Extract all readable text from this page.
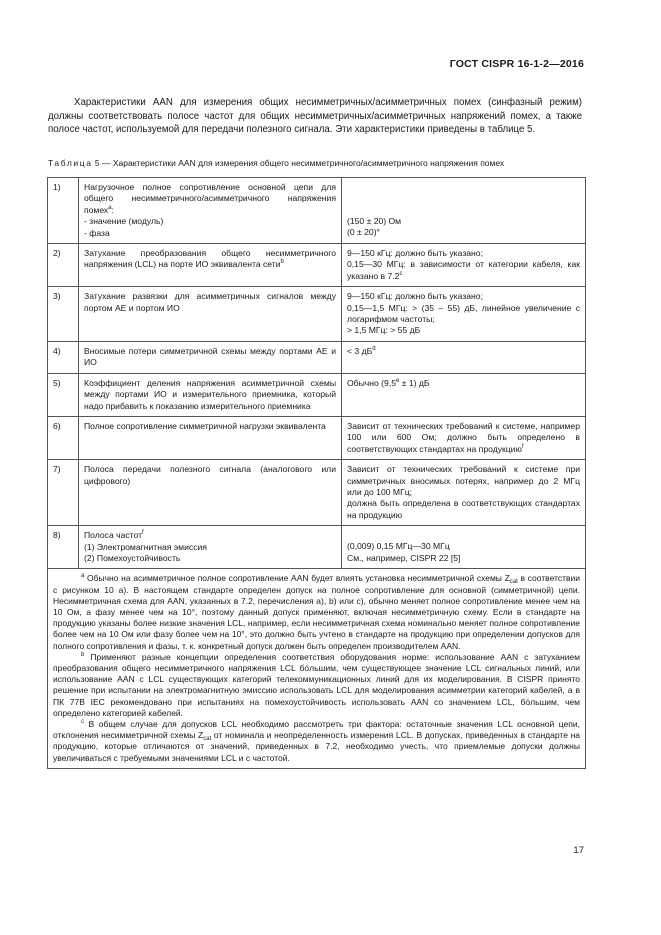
ГОСТ CISPR 16-1-2—2016
Характеристики AAN для измерения общих несимметричных/асимметричных помех (синфазный режим) должны соответствовать полосе частот для общих несимметричных/асимметричных напряжений помех, а также полосе частот, используемой для передачи полезного сигнала. Эти характеристики приведены в таблице 5.
Таблица 5 — Характеристики AAN для измерения общего несимметричного/асимметричного напряжения помех
1)	Нагрузочное полное сопротивление основной цепи для общего несимметричного/асимметричного напряжения помех$^a$:
- значение (модуль)
- фаза	(150 ± 20) Ом
(0 ± 20)°
2)	Затухание преобразования общего несимметричного напряжения (LCL) на порте ИО эквивалента сети$^b$	9—150 кГц: должно быть указано;
0,15—30 МГц: в зависимости от категории кабеля, как указано в 7.2$^c$
3)	Затухание развязки для асимметричных сигналов между портом АЕ и портом ИО	9—150 кГц: должно быть указано;
0,15—1,5 МГц: > (35 – 55) дБ, линейное увеличение с логарифмом частоты;
> 1,5 МГц: > 55 дБ
4)	Вносимые потери симметричной схемы между портами АЕ и ИО	< 3 $дБ^d$
5)	Коэффициент деления напряжения асимметричной схемы между портами ИО и измерительного приемника, который надо прибавить к показанию измерительного приемника	Обычно (9,5$^e$ ± 1) дБ
6)	Полное сопротивление симметричной нагрузки эквивалента	Зависит от технических требований к системе, например 100 или 600 Ом; должно быть определено в соответствующих стандартах на продукцию$^f$
7)	Полоса передачи полезного сигнала (аналогового или цифрового)	Зависит от технических требований к системе при симметричных вносимых потерях, например до 2 МГц или до 100 МГц;
должна быть определена в соответствующих стандартах на продукцию
8)	Полоса частот$^f$
(1) Электромагнитная эмиссия
(2) Помехоустойчивость	(0,009) 0,15 МГц—30 МГц
См., например, CISPR 22 [5]

$^a$ Обычно на асимметричное полное сопротивление AAN будет влиять установка несимметричной схемы $Z_{cat}$ в соответствии с рисунком 10 а). В настоящем стандарте определен допуск на полное сопротивление для основной (симметричной) цепи. Несимметричная схема для AAN, указанных в 7.2, перечисления а), b) или с), обычно меняет полное сопротивление менее чем на 10 Ом, а фазу менее чем на 10°, поэтому данный допуск применяют, включая несимметричную схему. Если в стандарте на продукцию указаны более низкие значения LCL, например, если несимметричная схема номинально меняет полное сопротивление более чем на 10 Ом или фазу более чем на 10°, это должно быть учтено в стандарте на продукцию при определении допусков для полного сопротивления и фазы, т. к. конкретный допуск должен быть определен производителем AAN.

$^b$ Применяют разные концепции определения соответствия оборудования норме: использование AAN с затуханием преобразования общего несимметричного напряжения LCL бо́льшим, чем существующее значение LCL сигнальных линий, или использование AAN с LCL существующих категорий телекоммуникационных линий для их моделирования. В CISPR принято решение при испытании на электромагнитную эмиссию использовать LCL для моделирования асимметрии категорий кабелей, а в ПК 77В IEC рекомендовано при испытаниях на помехоустойчивость использовать AAN со значением LCL, бо́льшим, чем определено категорией кабелей.

$^c$ В общем случае для допусков LCL необходимо рассмотреть три фактора: остаточные значения LCL основной цепи, отклонения несимметричной схемы $Z_{cat}$ от номинала и неопределенность измерения LCL. В допусках, приведенных в стандарте на продукцию, которые отличаются от значений, приведенных в 7.2, необходимо учесть, что приемлемые допуски должны увеличиваться с требуемыми значениями LCL и с частотой.		

17
